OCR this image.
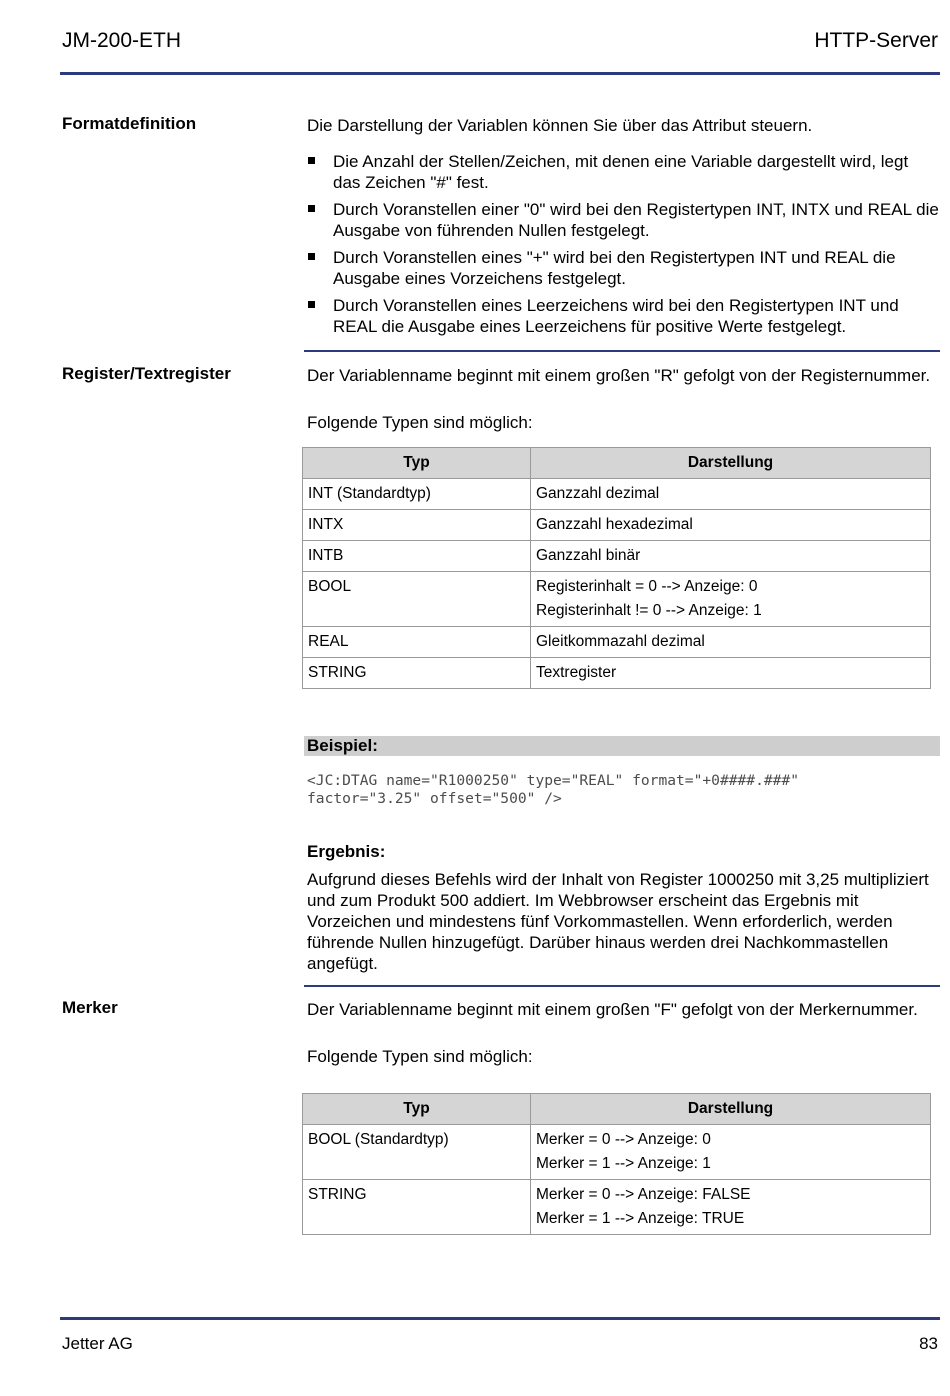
JM-200-ETH	HTTP-Server
Formatdefinition	Die Darstellung der Variablen können Sie über das Attribut steuern.
Die Anzahl der Stellen/Zeichen, mit denen eine Variable dargestellt wird, legt das Zeichen "#" fest.
Durch Voranstellen einer "0" wird bei den Registertypen INT, INTX und REAL die Ausgabe von führenden Nullen festgelegt.
Durch Voranstellen eines "+" wird bei den Registertypen INT und REAL die Ausgabe eines Vorzeichens festgelegt.
Durch Voranstellen eines Leerzeichens wird bei den Registertypen INT und REAL die Ausgabe eines Leerzeichens für positive Werte festgelegt.
Register/Textregister	Der Variablenname beginnt mit einem großen "R" gefolgt von der Registernummer.
Folgende Typen sind möglich:
Typ	Darstellung
INT (Standardtyp)	Ganzzahl dezimal
INTX	Ganzzahl hexadezimal
INTB	Ganzzahl binär
BOOL	Registerinhalt = 0 --> Anzeige: 0
Registerinhalt != 0 --> Anzeige: 1

REAL	Gleitkommazahl dezimal
STRING	Textregister
Beispiel:
<JC:DTAG name="R1000250" type="REAL" format="+0####.###"
factor="3.25" offset="500" />
Ergebnis:
Aufgrund dieses Befehls wird der Inhalt von Register 1000250 mit 3,25 multipliziert und zum Produkt 500 addiert. Im Webbrowser erscheint das Ergebnis mit Vorzeichen und mindestens fünf Vorkommastellen. Wenn erforderlich, werden führende Nullen hinzugefügt. Darüber hinaus werden drei Nachkommastellen angefügt.
Merker	Der Variablenname beginnt mit einem großen "F" gefolgt von der Merkernummer.
Folgende Typen sind möglich:
Typ	Darstellung
BOOL (Standardtyp)	Merker = 0 --> Anzeige: 0
Merker = 1 --> Anzeige: 1

STRING	Merker = 0 --> Anzeige: FALSE
Merker = 1 --> Anzeige: TRUE
Jetter AG	83
